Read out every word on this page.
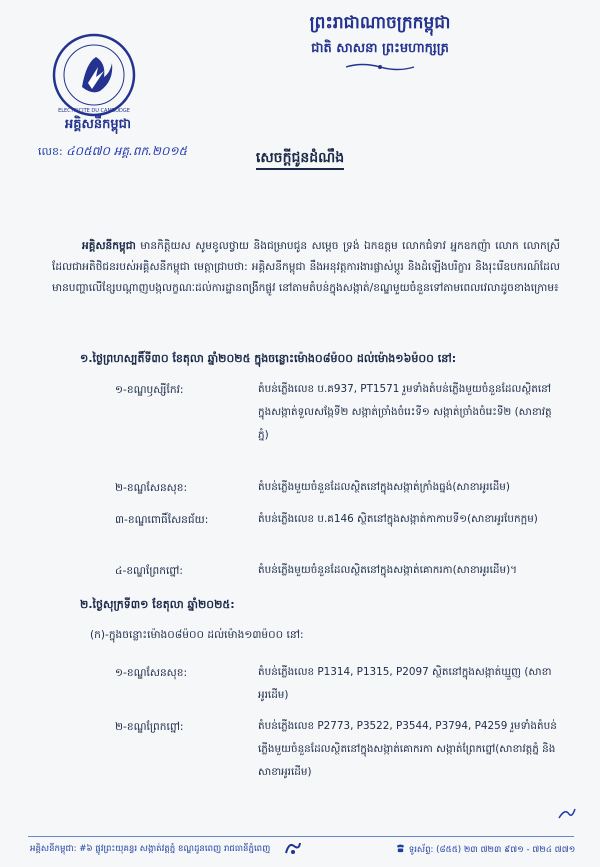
ព្រះរាជាណាចក្រកម្ពុជា
ជាតិ សាសនា ព្រះមហាក្សត្រ
ELECTRICITE DU CAMBODGE
អគ្គិសនីកម្ពុជា
លេខ: ៤០៥៧០ អគ្គ.ពក.២០១៥	សេចក្តីជូនដំណឹង
អគ្គិសនីកម្ពុជា មានកិត្តិយស សូមខូលថ្វាយ និងជម្រាបជូន សម្តេច ទ្រង់ ឯកឧត្តម លោកជំទាវ អ្នកឧកញ៉ា លោក លោកស្រី ដែលជាអតិថិជនរបស់អគ្គិសនីកម្ពុជា មេត្តាជ្រាបថា: អគ្គិសនីកម្ពុជា នឹងអនុវត្តការងារផ្លាស់ប្តូរ និងដំឡើងបរិក្ខារ និងរុះរើឧបករណ៍ដែលមានបញ្ហាលើខ្សែបណ្តាញបង្កលក្ខណៈដល់ការដ្ឋានពង្រីកផ្លូវ នៅតាមតំបន់ក្នុងសង្កាត់/ខណ្ឌមួយចំនួនទៅតាមពេលវេលាដូចខាងក្រោម៖
១.ថ្ងៃព្រហស្បតិ៍ទី៣០ ខែតុលា ឆ្នាំ២០២៥ ក្នុងចន្លោះម៉ោង០៨ម៉០០ ដល់ម៉ោង១៦ម៉០០ នៅ:
១-ខណ្ឌឫស្សីកែវ:	តំបន់ភ្លើងលេខ ប.គ937, PT1571 រួមទាំងតំបន់ភ្លើងមួយចំនួនដែលស្ថិតនៅក្នុងសង្កាត់ទួលសង្កែទី២ សង្កាត់ច្រាំងចំរេះទី១ សង្កាត់ច្រាំងចំរេះទី២ (សាខាវត្តភ្នំ)
២-ខណ្ឌសែនសុខ:	តំបន់ភ្លើងមួយចំនួនដែលស្ថិតនៅក្នុងសង្កាត់ក្រាំងធ្នង់(សាខាអូរដើម)
៣-ខណ្ឌពោធិ៍សែនជ័យ:	តំបន់ភ្លើងលេខ ប.គ146 ស្ថិតនៅក្នុងសង្កាត់កាកាបទី១(សាខាអូរបែកក្អម)
៤-ខណ្ឌព្រែកព្នៅ:	តំបន់ភ្លើងមួយចំនួនដែលស្ថិតនៅក្នុងសង្កាត់គោករកា(សាខាអូរដើម)។
២.ថ្ងៃសុក្រទី៣១ ខែតុលា ឆ្នាំ២០២៥:
(ក)-ក្នុងចន្លោះម៉ោង០៨ម៉០០ ដល់ម៉ោង១៣ម៉០០ នៅ:
១-ខណ្ឌសែនសុខ:	តំបន់ភ្លើងលេខ P1314, P1315, P2097 ស្ថិតនៅក្នុងសង្កាត់ឃ្មួញ (សាខាអូរដើម)
២-ខណ្ឌព្រែកព្នៅ:	តំបន់ភ្លើងលេខ P2773, P3522, P3544, P3794, P4259 រួមទាំងតំបន់ភ្លើងមួយចំនួនដែលស្ថិតនៅក្នុងសង្កាត់គោករកា សង្កាត់ព្រែកព្នៅ(សាខាវត្តភ្នំ និងសាខាអូរដើម)
អគ្គិសនីកម្ពុជា: #៦ ផ្លូវព្រះយុគន្ធរ សង្កាត់វត្តភ្នំ ខណ្ឌដូនពេញ រាជធានីភ្នំពេញ	ទូរស័ព្ទ: (៨៥៥) ២៣ ៧២៣ ៩៧១ - ៧២៤ ៧៧១
